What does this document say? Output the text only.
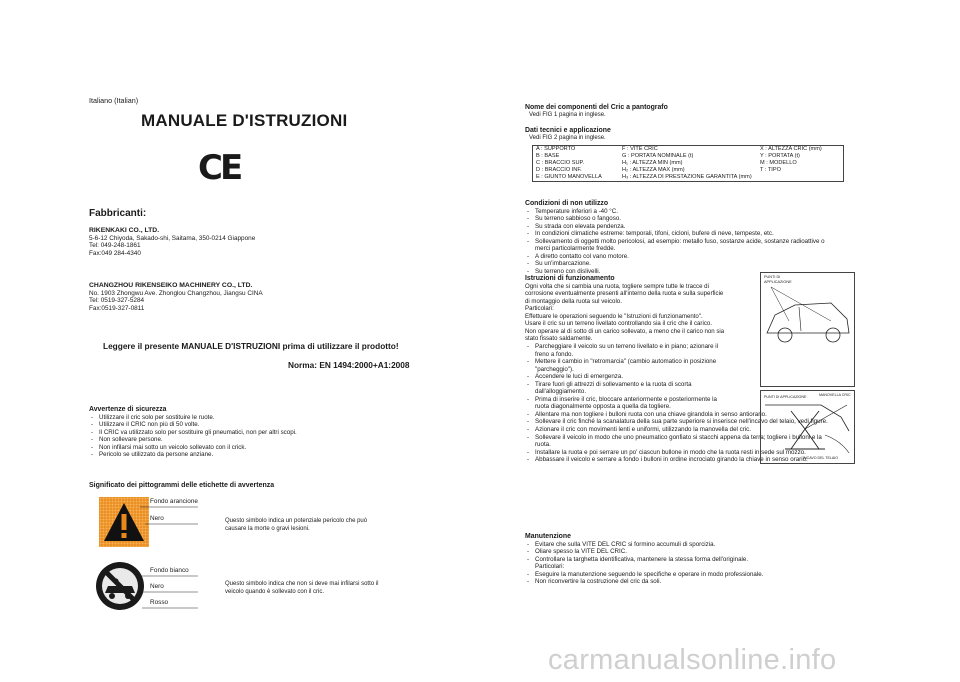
Italiano (Italian)
MANUALE D'ISTRUZIONI
CE
Fabbricanti:
RIKENKAKI CO., LTD.
5-6-12 Chiyoda, Sakado-shi, Saitama, 350-0214 Giappone
Tel: 049-248-1861
Fax:049 284-4340
CHANGZHOU RIKENSEIKO MACHINERY CO., LTD.
No. 1903 Zhongwu Ave. Zhonglou Changzhou, Jiangsu CINA
Tel: 0519-327-5284
Fax:0519-327-0811
Leggere il presente MANUALE D'ISTRUZIONI prima di utilizzare il prodotto!
Norma: EN 1494:2000+A1:2008
Avvertenze di sicurezza
- Utilizzare il cric solo per sostituire le ruote.
- Utilizzare il CRIC non più di 50 volte.
- Il CRIC va utilizzato solo per sostituire gli pneumatici, non per altri scopi.
- Non sollevare persone.
- Non infilarsi mai sotto un veicolo sollevato con il crick.
- Pericolo se utilizzato da persone anziane.
Significato dei pittogrammi delle etichette di avvertenza
Fondo arancione
Nero	Questo simbolo indica un potenziale pericolo che può
causare la morte o gravi lesioni.
Fondo bianco
Nero
Rosso
Questo simbolo indica che non si deve mai infilarsi sotto il
veicolo quando è sollevato con il cric.
Nome dei componenti del Cric a pantografo
Vedi FIG 1 pagina in inglese.
Dati tecnici e applicazione
Vedi FIG 2 pagina in inglese.
A : SUPPORTO	F : VITE CRIC	X : ALTEZZA CRIC (mm)
B : BASE	G : PORTATA NOMINALE (t)	Y : PORTATA (t)
C : BRACCIO SUP.	H₁ : ALTEZZA MIN (mm)	M : MODELLO
D : BRACCIO INF.	H₂ : ALTEZZA MAX (mm)	T : TIPO
E : GIUNTO MANOVELLA	H₃ : ALTEZZA DI PRESTAZIONE GARANTITA (mm)	
Condizioni di non utilizzo
- Temperature inferiori a -40 °C.
- Su terreno sabbioso o fangoso.
- Su strada con elevata pendenza.
- In condizioni climatiche estreme: temporali, tifoni, cicloni, bufere di neve, tempeste, etc.
- Sollevamento di oggetti molto pericolosi, ad esempio: metallo fuso, sostanze acide, sostanze radioattive o
merci particolarmente fredde.
- A diretto contatto col vano motore.
- Su un'imbarcazione.
- Su terreno con dislivelli.
Istruzioni di funzionamento
Ogni volta che si cambia una ruota, togliere sempre tutte le tracce di
corrosione eventualmente presenti all'interno della ruota e sulla superficie
di montaggio della ruota sul veicolo.
Particolari:
Effettuare le operazioni seguendo le "Istruzioni di funzionamento".
Usare il cric su un terreno livellato controllando sia il cric che il carico.
Non operare al di sotto di un carico sollevato, a meno che il carico non sia
stato fissato saldamente.
- Parcheggiare il veicolo su un terreno livellato e in piano; azionare il
freno a fondo.
- Mettere il cambio in "retromarcia" (cambio automatico in posizione
"parcheggio").
- Accendere le luci di emergenza.
- Tirare fuori gli attrezzi di sollevamento e la ruota di scorta
dall'alloggiamento.
- Prima di inserire il cric, bloccare anteriormente e posteriormente la
ruota diagonalmente opposta a quella da togliere.
- Allentare ma non togliere i bulloni ruota con una chiave girandola in senso antiorario.
- Sollevare il cric finché la scanalatura della sua parte superiore si inserisce nell'incavo del telaio, vedi figure.
- Azionare il cric con movimenti lenti e uniformi, utilizzando la manovella del cric.
- Sollevare il veicolo in modo che uno pneumatico gonfiato si stacchi appena da terra; togliere i bulloni e la
ruota.
- Installare la ruota e poi serrare un po' ciascun bullone in modo che la ruota resti in sede sul mozzo.
- Abbassare il veicolo e serrare a fondo i bulloni in ordine incrociato girando la chiave in senso orario.
PUNTI DI APPLICAZIONE
PUNTI DI APPLICAZIONE	MANOVELLA CRIC
INCAVO DEL TELAIO
Manutenzione
- Evitare che sulla VITE DEL CRIC si formino accumuli di sporcizia.
- Oliare spesso la VITE DEL CRIC.
- Controllare la targhetta identificativa, mantenere la stessa forma dell'originale.
Particolari:
- Eseguire la manutenzione seguendo le specifiche e operare in modo professionale.
- Non riconvertire la costruzione del cric da soli.
carmanualsonline.info
